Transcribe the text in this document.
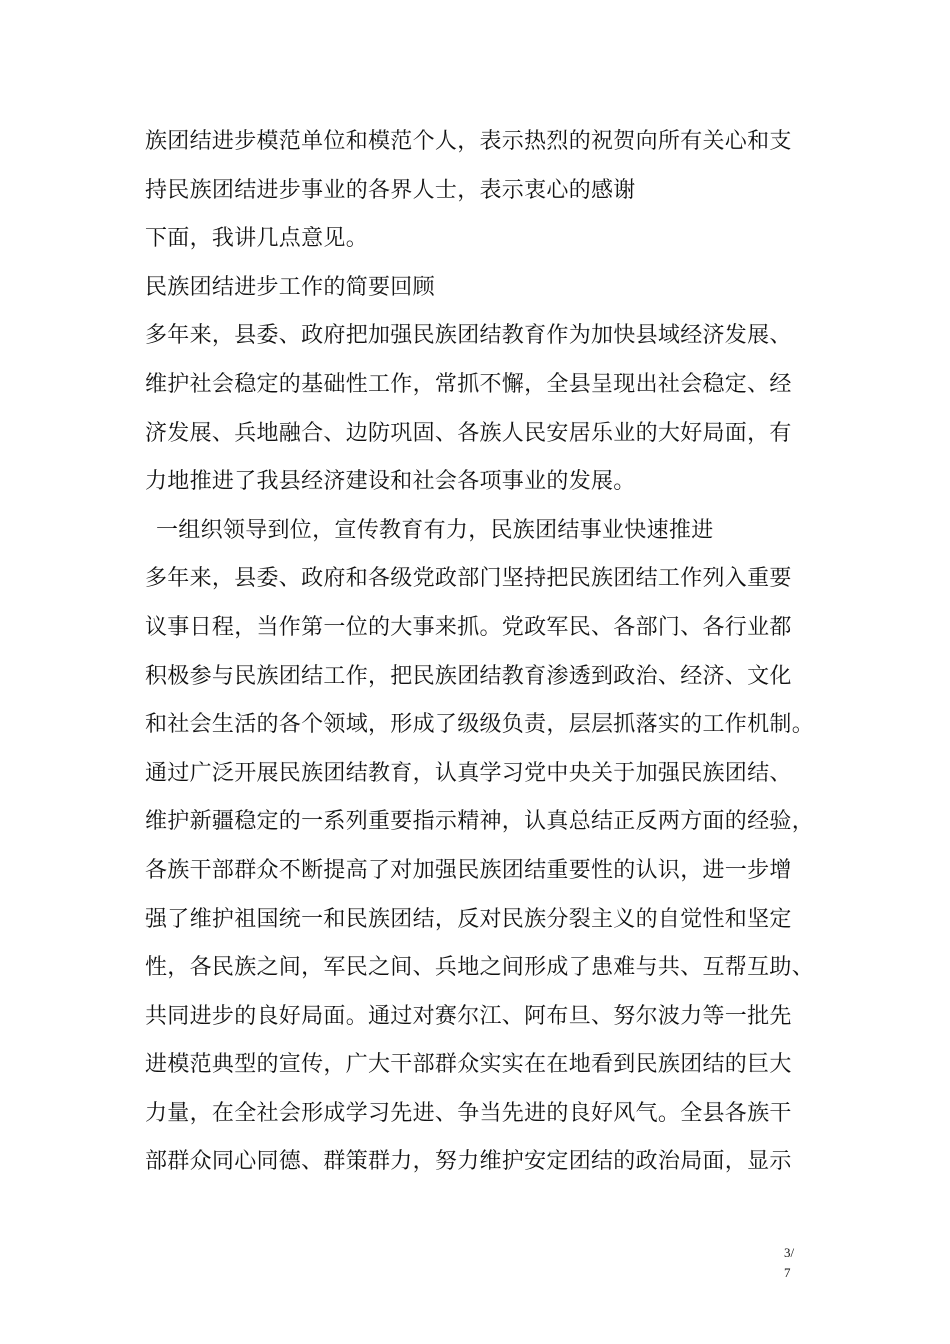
族团结进步模范单位和模范个人，表示热烈的祝贺向所有关心和支
持民族团结进步事业的各界人士，表示衷心的感谢
下面，我讲几点意见。
民族团结进步工作的简要回顾
多年来，县委、政府把加强民族团结教育作为加快县域经济发展、
维护社会稳定的基础性工作，常抓不懈，全县呈现出社会稳定、经
济发展、兵地融合、边防巩固、各族人民安居乐业的大好局面，有
力地推进了我县经济建设和社会各项事业的发展。
一组织领导到位，宣传教育有力，民族团结事业快速推进
多年来，县委、政府和各级党政部门坚持把民族团结工作列入重要
议事日程，当作第一位的大事来抓。党政军民、各部门、各行业都
积极参与民族团结工作，把民族团结教育渗透到政治、经济、文化
和社会生活的各个领域，形成了级级负责，层层抓落实的工作机制。
通过广泛开展民族团结教育，认真学习党中央关于加强民族团结、
维护新疆稳定的一系列重要指示精神，认真总结正反两方面的经验，
各族干部群众不断提高了对加强民族团结重要性的认识，进一步增
强了维护祖国统一和民族团结，反对民族分裂主义的自觉性和坚定
性，各民族之间，军民之间、兵地之间形成了患难与共、互帮互助、
共同进步的良好局面。通过对赛尔江、阿布旦、努尔波力等一批先
进模范典型的宣传，广大干部群众实实在在地看到民族团结的巨大
力量，在全社会形成学习先进、争当先进的良好风气。全县各族干
部群众同心同德、群策群力，努力维护安定团结的政治局面，显示
3/
7
